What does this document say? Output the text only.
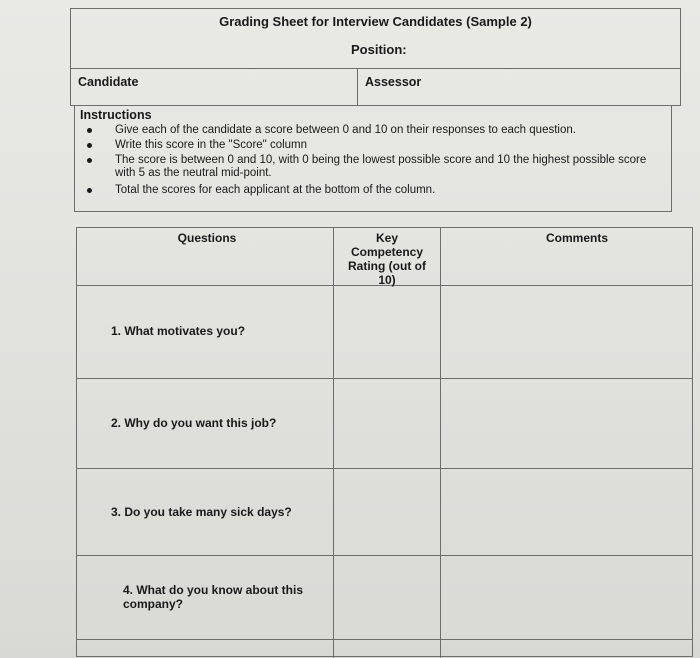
Grading Sheet for Interview Candidates (Sample 2)
Position:
Candidate	Assessor
Instructions
Give each of the candidate a score between 0 and 10 on their responses to each question.
Write this score in the "Score" column
The score is between 0 and 10, with 0 being the lowest possible score and 10 the highest possible score with 5 as the neutral mid-point.
Total the scores for each applicant at the bottom of the column.
Questions	Key Competency Rating (out of 10)
Comments
1. What motivates you?
2. Why do you want this job?
3. Do you take many sick days?
4. What do you know about this company?
